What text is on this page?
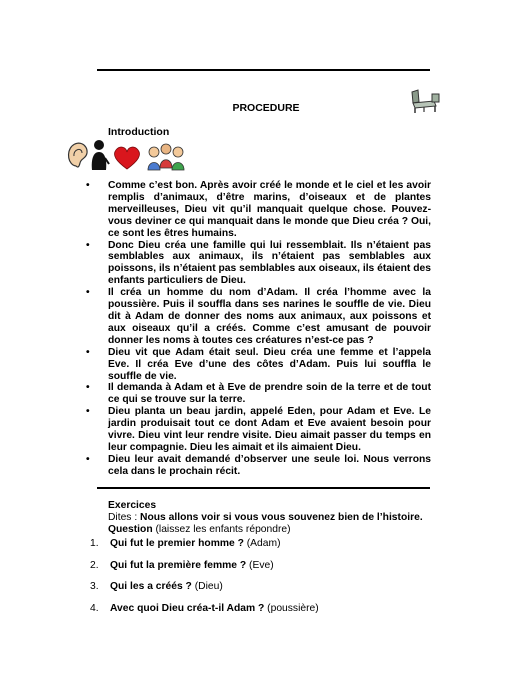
PROCEDURE
Introduction
• Comme c’est bon. Après avoir créé le monde et le ciel et les avoir remplis d’animaux, d’être marins, d’oiseaux et de plantes merveilleuses, Dieu vit qu’il manquait quelque chose. Pouvez-vous deviner ce qui manquait dans le monde que Dieu créa ? Oui, ce sont les êtres humains.
• Donc Dieu créa une famille qui lui ressemblait. Ils n’étaient pas semblables aux animaux, ils n’étaient pas semblables aux poissons, ils n’étaient pas semblables aux oiseaux, ils étaient des enfants particuliers de Dieu.
• Il créa un homme du nom d’Adam. Il créa l’homme avec la poussière. Puis il souffla dans ses narines le souffle de vie. Dieu dit à Adam de donner des noms aux animaux, aux poissons et aux oiseaux qu’il a créés. Comme c’est amusant de pouvoir donner les noms à toutes ces créatures n’est-ce pas ?
• Dieu vit que Adam était seul. Dieu créa une femme et l’appela Eve. Il créa Eve d’une des côtes d’Adam. Puis lui souffla le souffle de vie.
• Il demanda à Adam et à Eve de prendre soin de la terre et de tout ce qui se trouve sur la terre.
• Dieu planta un beau jardin, appelé Eden, pour Adam et Eve. Le jardin produisait tout ce dont Adam et Eve avaient besoin pour vivre. Dieu vint leur rendre visite. Dieu aimait passer du temps en leur compagnie. Dieu les aimait et ils aimaient Dieu.
• Dieu leur avait demandé d’observer une seule loi. Nous verrons cela dans le prochain récit.
Exercices
Dites : Nous allons voir si vous vous souvenez bien de l’histoire.
Question (laissez les enfants répondre)
1. Qui fut le premier homme ? (Adam)
2. Qui fut la première femme ? (Eve)
3. Qui les a créés ? (Dieu)
4. Avec quoi Dieu créa-t-il Adam ? (poussière)
